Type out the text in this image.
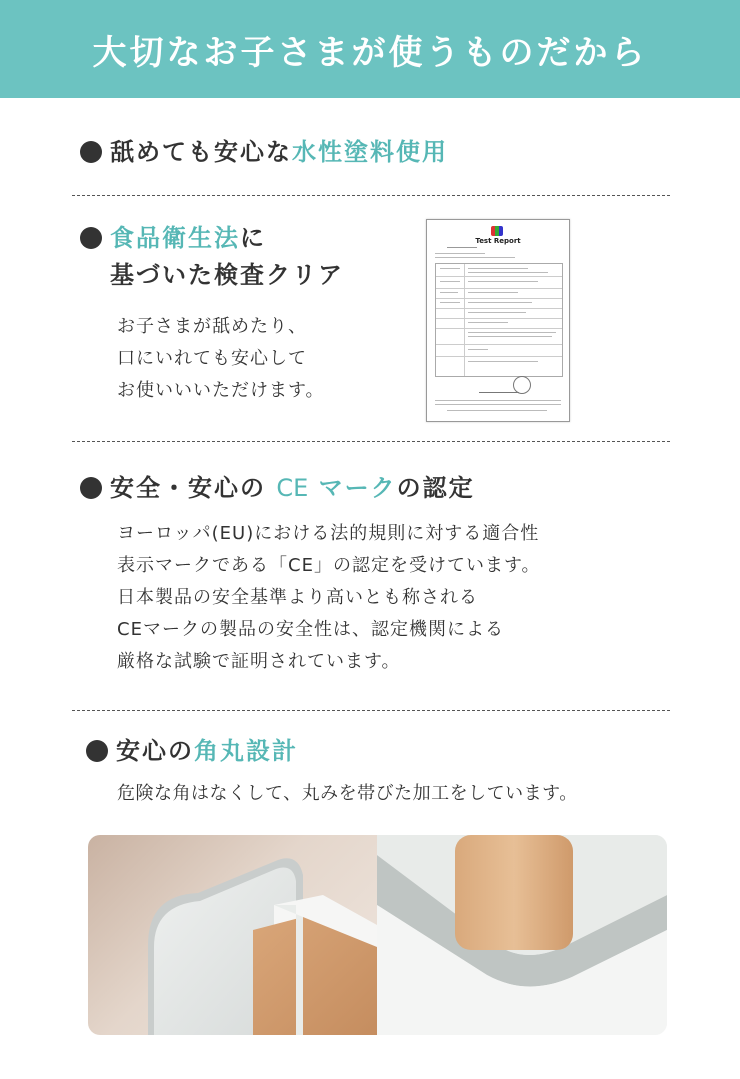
大切なお子さまが使うものだから
舐めても安心な水性塗料使用
食品衛生法に
基づいた検査クリア
お子さまが舐めたり、
口にいれても安心して
お使いいいただけます。
Test Report
安全・安心の CE マークの認定
ヨーロッパ(EU)における法的規則に対する適合性
表示マークである「CE」の認定を受けています。
日本製品の安全基準より高いとも称される
CEマークの製品の安全性は、認定機関による
厳格な試験で証明されています。
安心の角丸設計
危険な角はなくして、丸みを帯びた加工をしています。
